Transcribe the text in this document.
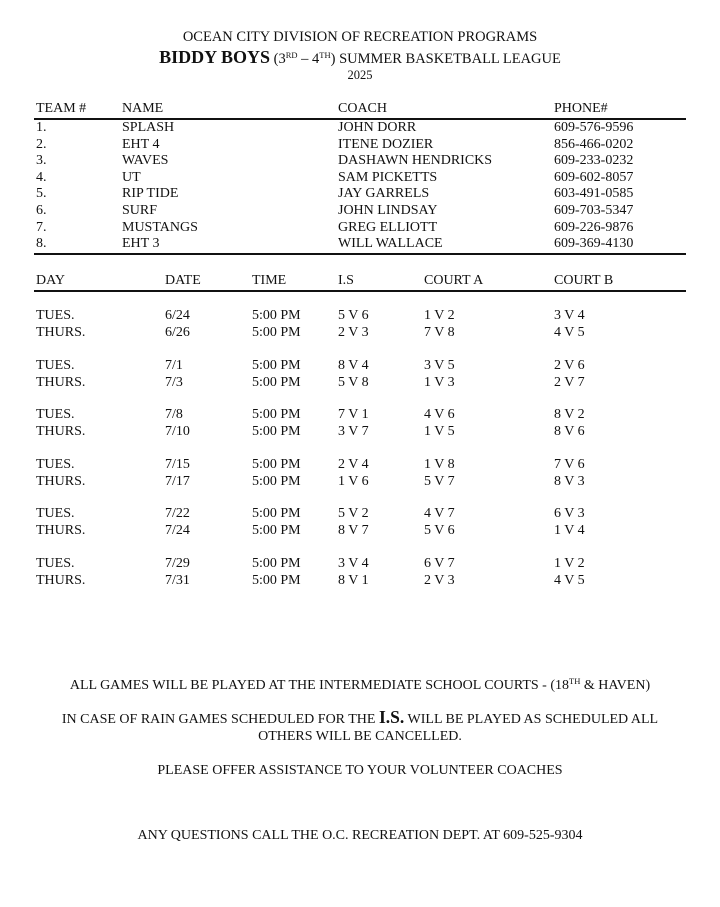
OCEAN CITY DIVISION OF RECREATION PROGRAMS
BIDDY BOYS (3RD – 4TH) SUMMER BASKETBALL LEAGUE
2025
TEAM #	NAME	COACH	PHONE#
1.	SPLASH	JOHN DORR	609-576-9596
2.	EHT 4	ITENE DOZIER	856-466-0202
3.	WAVES	DASHAWN HENDRICKS	609-233-0232
4.	UT	SAM PICKETTS	609-602-8057
5.	RIP TIDE	JAY GARRELS	603-491-0585
6.	SURF	JOHN LINDSAY	609-703-5347
7.	MUSTANGS	GREG ELLIOTT	609-226-9876
8.	EHT 3	WILL WALLACE	609-369-4130
DAY	DATE	TIME	I.S	COURT A	COURT B
TUES.	6/24	5:00 PM	5 V 6	1 V 2	3 V 4
THURS.	6/26	5:00 PM	2 V 3	7 V 8	4 V 5
TUES.	7/1	5:00 PM	8 V 4	3 V 5	2 V 6
THURS.	7/3	5:00 PM	5 V 8	1 V 3	2 V 7
TUES.	7/8	5:00 PM	7 V 1	4 V 6	8 V 2
THURS.	7/10	5:00 PM	3 V 7	1 V 5	8 V 6
TUES.	7/15	5:00 PM	2 V 4	1 V 8	7 V 6
THURS.	7/17	5:00 PM	1 V 6	5 V 7	8 V 3
TUES.	7/22	5:00 PM	5 V 2	4 V 7	6 V 3
THURS.	7/24	5:00 PM	8 V 7	5 V 6	1 V 4
TUES.	7/29	5:00 PM	3 V 4	6 V 7	1 V 2
THURS.	7/31	5:00 PM	8 V 1	2 V 3	4 V 5
ALL GAMES WILL BE PLAYED AT THE INTERMEDIATE SCHOOL COURTS - (18TH & HAVEN)
IN CASE OF RAIN GAMES SCHEDULED FOR THE I.S. WILL BE PLAYED AS SCHEDULED ALL
OTHERS WILL BE CANCELLED.
PLEASE OFFER ASSISTANCE TO YOUR VOLUNTEER COACHES
ANY QUESTIONS CALL THE O.C. RECREATION DEPT. AT 609-525-9304
